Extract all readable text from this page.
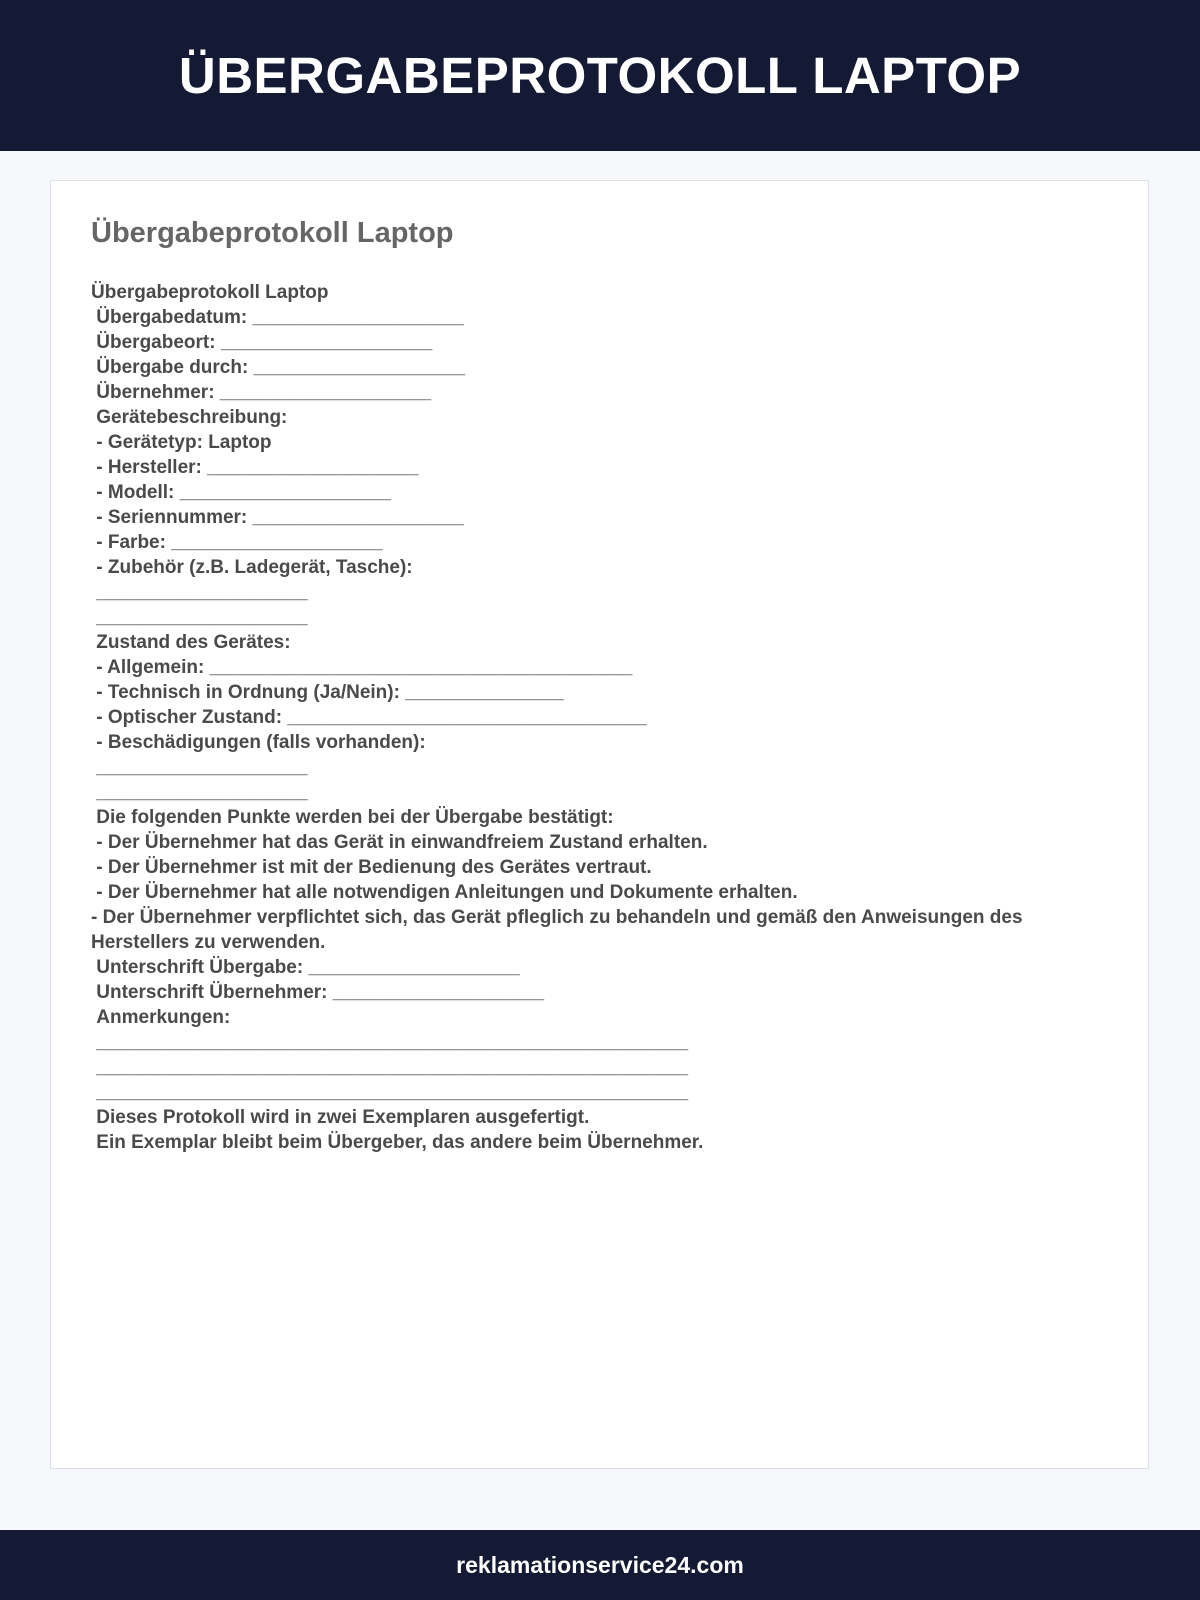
ÜBERGABEPROTOKOLL LAPTOP
Übergabeprotokoll Laptop
Übergabeprotokoll Laptop
Übergabedatum: ____________________
Übergabeort: ____________________
Übergabe durch: ____________________
Übernehmer: ____________________
Gerätebeschreibung:
- Gerätetyp: Laptop
- Hersteller: ____________________
- Modell: ____________________
- Seriennummer: ____________________
- Farbe: ____________________
- Zubehör (z.B. Ladegerät, Tasche):
____________________
____________________
Zustand des Gerätes:
- Allgemein: ________________________________________
- Technisch in Ordnung (Ja/Nein): _______________
- Optischer Zustand: __________________________________
- Beschädigungen (falls vorhanden):
____________________
____________________
Die folgenden Punkte werden bei der Übergabe bestätigt:
- Der Übernehmer hat das Gerät in einwandfreiem Zustand erhalten.
- Der Übernehmer ist mit der Bedienung des Gerätes vertraut.
- Der Übernehmer hat alle notwendigen Anleitungen und Dokumente erhalten.
- Der Übernehmer verpflichtet sich, das Gerät pfleglich zu behandeln und gemäß den Anweisungen des Herstellers zu verwenden.
Unterschrift Übergabe: ____________________
Unterschrift Übernehmer: ____________________
Anmerkungen:
________________________________________________________
________________________________________________________
________________________________________________________
Dieses Protokoll wird in zwei Exemplaren ausgefertigt.
Ein Exemplar bleibt beim Übergeber, das andere beim Übernehmer.
reklamationservice24.com
